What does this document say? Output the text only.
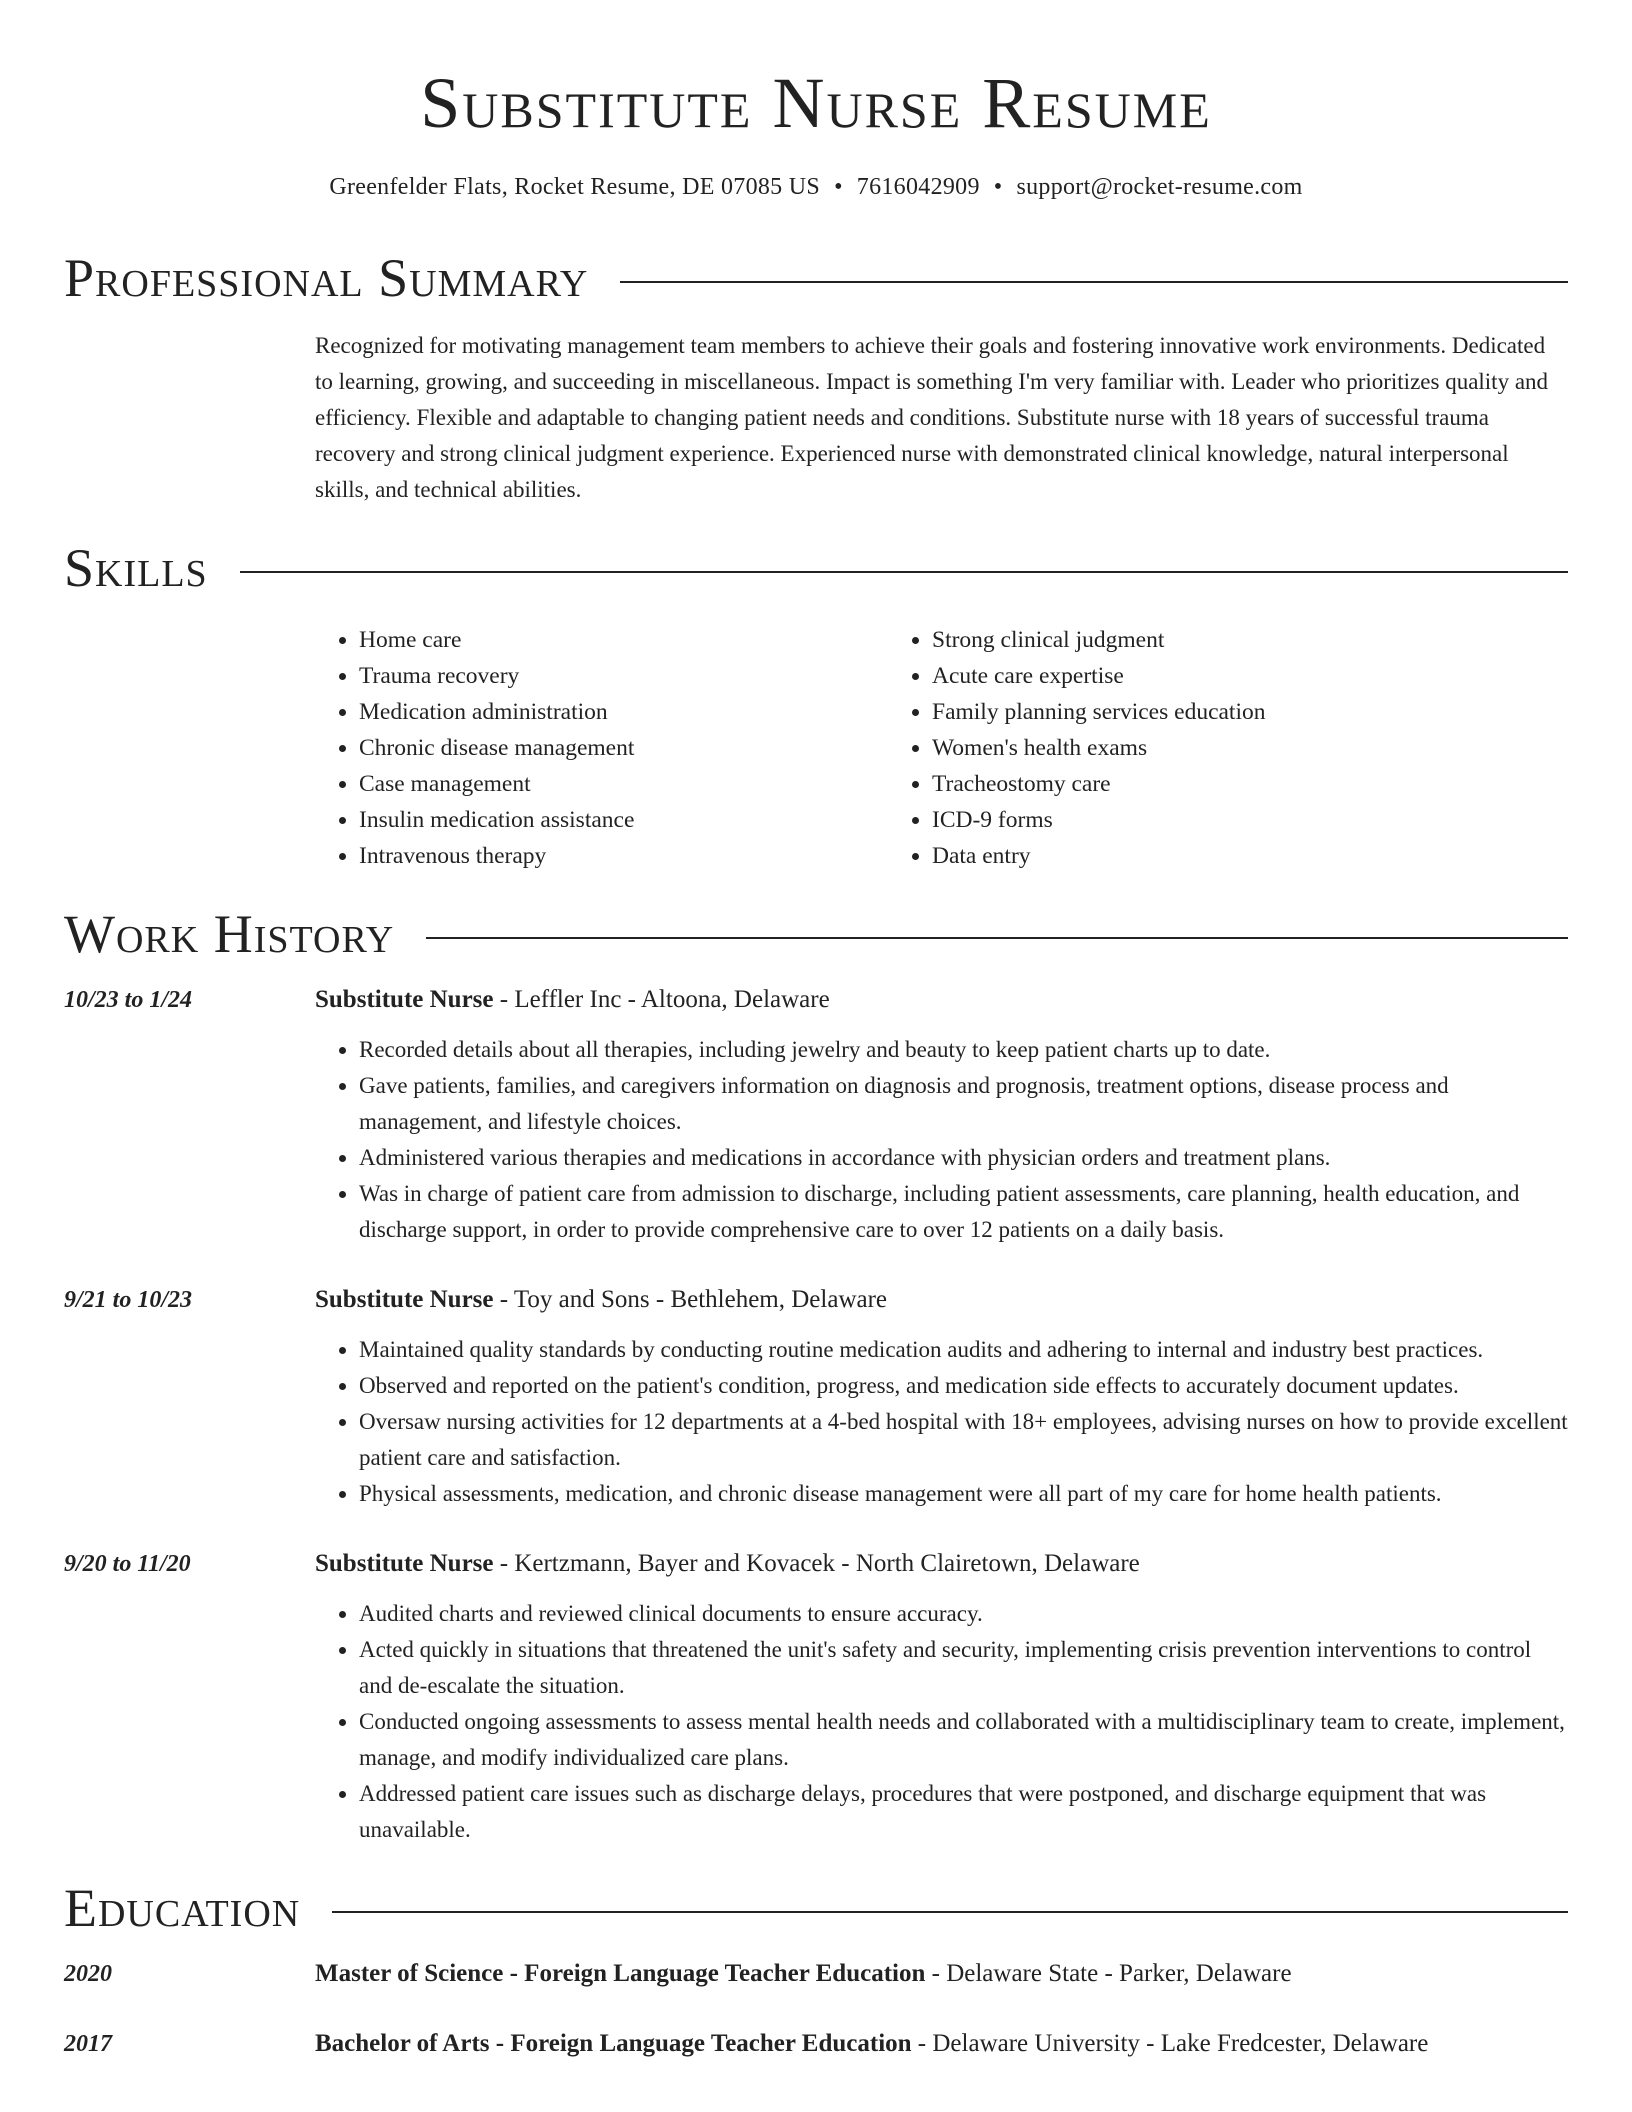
Substitute Nurse Resume
Greenfelder Flats, Rocket Resume, DE 07085 US • 7616042909 • support@rocket-resume.com
Professional Summary
Recognized for motivating management team members to achieve their goals and fostering innovative work environments. Dedicated to learning, growing, and succeeding in miscellaneous. Impact is something I'm very familiar with. Leader who prioritizes quality and efficiency. Flexible and adaptable to changing patient needs and conditions. Substitute nurse with 18 years of successful trauma recovery and strong clinical judgment experience. Experienced nurse with demonstrated clinical knowledge, natural interpersonal skills, and technical abilities.
Skills
• Home care
• Trauma recovery
• Medication administration
• Chronic disease management
• Case management
• Insulin medication assistance
• Intravenous therapy
• Strong clinical judgment
• Acute care expertise
• Family planning services education
• Women's health exams
• Tracheostomy care
• ICD-9 forms
• Data entry
Work History
10/23 to 1/24	Substitute Nurse - Leffler Inc - Altoona, Delaware
• Recorded details about all therapies, including jewelry and beauty to keep patient charts up to date.
• Gave patients, families, and caregivers information on diagnosis and prognosis, treatment options, disease process and management, and lifestyle choices.
• Administered various therapies and medications in accordance with physician orders and treatment plans.
• Was in charge of patient care from admission to discharge, including patient assessments, care planning, health education, and discharge support, in order to provide comprehensive care to over 12 patients on a daily basis.
9/21 to 10/23	Substitute Nurse - Toy and Sons - Bethlehem, Delaware
• Maintained quality standards by conducting routine medication audits and adhering to internal and industry best practices.
• Observed and reported on the patient's condition, progress, and medication side effects to accurately document updates.
• Oversaw nursing activities for 12 departments at a 4-bed hospital with 18+ employees, advising nurses on how to provide excellent patient care and satisfaction.
• Physical assessments, medication, and chronic disease management were all part of my care for home health patients.
9/20 to 11/20	Substitute Nurse - Kertzmann, Bayer and Kovacek - North Clairetown, Delaware
• Audited charts and reviewed clinical documents to ensure accuracy.
• Acted quickly in situations that threatened the unit's safety and security, implementing crisis prevention interventions to control and de-escalate the situation.
• Conducted ongoing assessments to assess mental health needs and collaborated with a multidisciplinary team to create, implement, manage, and modify individualized care plans.
• Addressed patient care issues such as discharge delays, procedures that were postponed, and discharge equipment that was unavailable.
Education
2020	Master of Science - Foreign Language Teacher Education - Delaware State - Parker, Delaware
2017	Bachelor of Arts - Foreign Language Teacher Education - Delaware University - Lake Fredcester, Delaware
